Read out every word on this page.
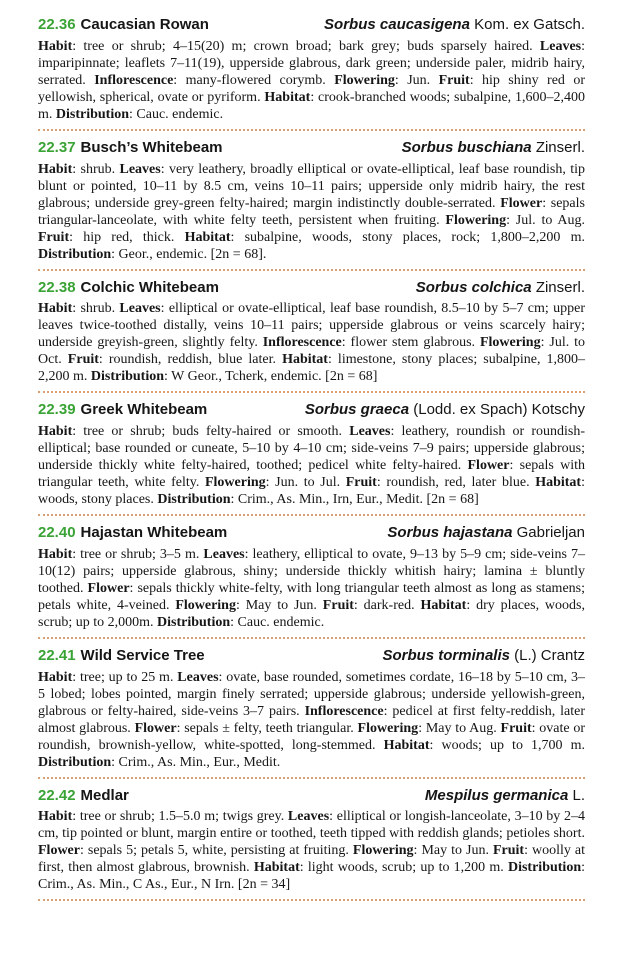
22.36 Caucasian Rowan	Sorbus caucasigena Kom. ex Gatsch.

Habit: tree or shrub; 4–15(20) m; crown broad; bark grey; buds sparsely haired. Leaves: imparipinnate; leaflets 7–11(19), upperside glabrous, dark green; underside paler, midrib hairy, serrated. Inflorescence: many-flowered corymb. Flowering: Jun. Fruit: hip shiny red or yellowish, spherical, ovate or pyriform. Habitat: crook-branched woods; subalpine, 1,600–2,400 m. Distribution: Cauc. endemic.

22.37 Busch’s Whitebeam	Sorbus buschiana Zinserl.

Habit: shrub. Leaves: very leathery, broadly elliptical or ovate-elliptical, leaf base roundish, tip blunt or pointed, 10–11 by 8.5 cm, veins 10–11 pairs; upperside only midrib hairy, the rest glabrous; underside grey-green felty-haired; margin indistinctly double-serrated. Flower: sepals triangular-lanceolate, with white felty teeth, persistent when fruiting. Flowering: Jul. to Aug. Fruit: hip red, thick. Habitat: subalpine, woods, stony places, rock; 1,800–2,200 m. Distribution: Geor., endemic. [2n = 68].

22.38 Colchic Whitebeam	Sorbus colchica Zinserl.

Habit: shrub. Leaves: elliptical or ovate-elliptical, leaf base roundish, 8.5–10 by 5–7 cm; upper leaves twice-toothed distally, veins 10–11 pairs; upperside glabrous or veins scarcely hairy; underside greyish-green, slightly felty. Inflorescence: flower stem glabrous. Flowering: Jul. to Oct. Fruit: roundish, reddish, blue later. Habitat: limestone, stony places; subalpine, 1,800–2,200 m. Distribution: W Geor., Tcherk, endemic. [2n = 68]

22.39 Greek Whitebeam	Sorbus graeca (Lodd. ex Spach) Kotschy

Habit: tree or shrub; buds felty-haired or smooth. Leaves: leathery, roundish or roundish-elliptical; base rounded or cuneate, 5–10 by 4–10 cm; side-veins 7–9 pairs; upperside glabrous; underside thickly white felty-haired, toothed; pedicel white felty-haired. Flower: sepals with triangular teeth, white felty. Flowering: Jun. to Jul. Fruit: roundish, red, later blue. Habitat: woods, stony places. Distribution: Crim., As. Min., Irn, Eur., Medit. [2n = 68]

22.40 Hajastan Whitebeam	Sorbus hajastana Gabrieljan

Habit: tree or shrub; 3–5 m. Leaves: leathery, elliptical to ovate, 9–13 by 5–9 cm; side-veins 7–10(12) pairs; upperside glabrous, shiny; underside thickly whitish hairy; lamina ± bluntly toothed. Flower: sepals thickly white-felty, with long triangular teeth almost as long as stamens; petals white, 4-veined. Flowering: May to Jun. Fruit: dark-red. Habitat: dry places, woods, scrub; up to 2,000m. Distribution: Cauc. endemic.

22.41 Wild Service Tree	Sorbus torminalis (L.) Crantz

Habit: tree; up to 25 m. Leaves: ovate, base rounded, sometimes cordate, 16–18 by 5–10 cm, 3–5 lobed; lobes pointed, margin finely serrated; upperside glabrous; underside yellowish-green, glabrous or felty-haired, side-veins 3–7 pairs. Inflorescence: pedicel at first felty-reddish, later almost glabrous. Flower: sepals ± felty, teeth triangular. Flowering: May to Aug. Fruit: ovate or roundish, brownish-yellow, white-spotted, long-stemmed. Habitat: woods; up to 1,700 m. Distribution: Crim., As. Min., Eur., Medit.

22.42 Medlar	Mespilus germanica L.

Habit: tree or shrub; 1.5–5.0 m; twigs grey. Leaves: elliptical or longish-lanceolate, 3–10 by 2–4 cm, tip pointed or blunt, margin entire or toothed, teeth tipped with reddish glands; petioles short. Flower: sepals 5; petals 5, white, persisting at fruiting. Flowering: May to Jun. Fruit: woolly at first, then almost glabrous, brownish. Habitat: light woods, scrub; up to 1,200 m. Distribution: Crim., As. Min., C As., Eur., N Irn. [2n = 34]
